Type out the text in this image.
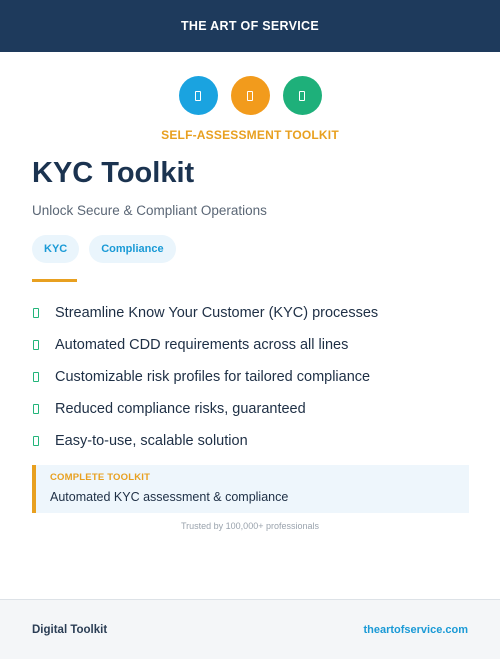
THE ART OF SERVICE
SELF-ASSESSMENT TOOLKIT
KYC Toolkit
Unlock Secure & Compliant Operations
KYC	Compliance
Streamline Know Your Customer (KYC) processes
Automated CDD requirements across all lines
Customizable risk profiles for tailored compliance
Reduced compliance risks, guaranteed
Easy-to-use, scalable solution
COMPLETE TOOLKIT
Automated KYC assessment & compliance
Trusted by 100,000+ professionals
Digital Toolkit	theartofservice.com
